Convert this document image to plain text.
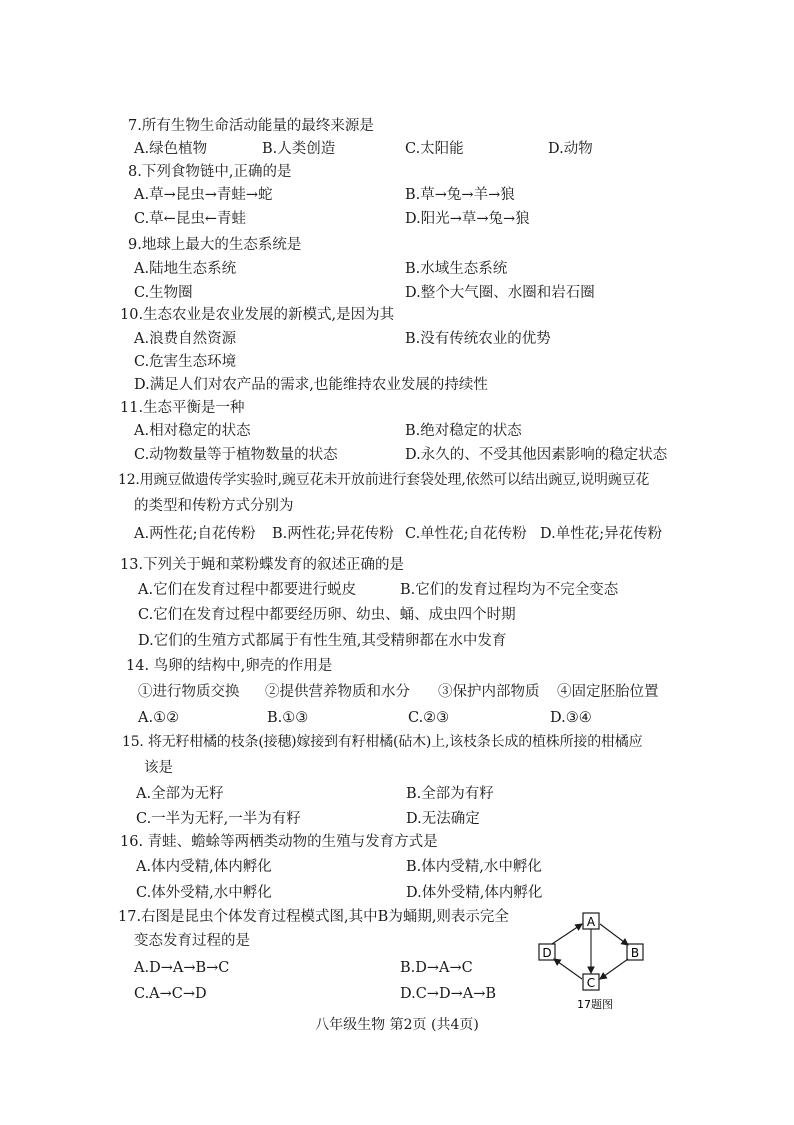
7.所有生物生命活动能量的最终来源是
A.绿色植物	B.人类创造	C.太阳能	D.动物
8.下列食物链中,正确的是
A.草→昆虫→青蛙→蛇	B.草→兔→羊→狼
C.草←昆虫←青蛙	D.阳光→草→兔→狼
9.地球上最大的生态系统是
A.陆地生态系统	B.水域生态系统
C.生物圈	D.整个大气圈、水圈和岩石圈
10.生态农业是农业发展的新模式,是因为其
A.浪费自然资源	B.没有传统农业的优势
C.危害生态环境
D.满足人们对农产品的需求,也能维持农业发展的持续性
11.生态平衡是一种
A.相对稳定的状态	B.绝对稳定的状态
C.动物数量等于植物数量的状态	D.永久的、不受其他因素影响的稳定状态
12.用豌豆做遗传学实验时,豌豆花未开放前进行套袋处理,依然可以结出豌豆,说明豌豆花
的类型和传粉方式分别为
A.两性花;自花传粉 B.两性花;异花传粉 C.单性花;自花传粉 D.单性花;异花传粉
13.下列关于蝇和菜粉蝶发育的叙述正确的是
A.它们在发育过程中都要进行蜕皮	B.它们的发育过程均为不完全变态
C.它们在发育过程中都要经历卵、幼虫、蛹、成虫四个时期
D.它们的生殖方式都属于有性生殖,其受精卵都在水中发育
14. 鸟卵的结构中,卵壳的作用是
①进行物质交换 ②提供营养物质和水分 ③保护内部物质 ④固定胚胎位置
A.①②	B.①③	C.②③	D.③④
15. 将无籽柑橘的枝条(接穗)嫁接到有籽柑橘(砧木)上,该枝条长成的植株所接的柑橘应
该是
A.全部为无籽	B.全部为有籽
C.一半为无籽,一半为有籽	D.无法确定
16. 青蛙、蟾蜍等两栖类动物的生殖与发育方式是
A.体内受精,体内孵化	B.体内受精,水中孵化
C.体外受精,水中孵化	D.体外受精,体内孵化
17.右图是昆虫个体发育过程模式图,其中B为蛹期,则表示完全
变态发育过程的是
A.D→A→B→C	B.D→A→C
C.A→C→D	D.C→D→A→B
A
B
C
D
17题图
八年级生物 第2页 (共4页)
